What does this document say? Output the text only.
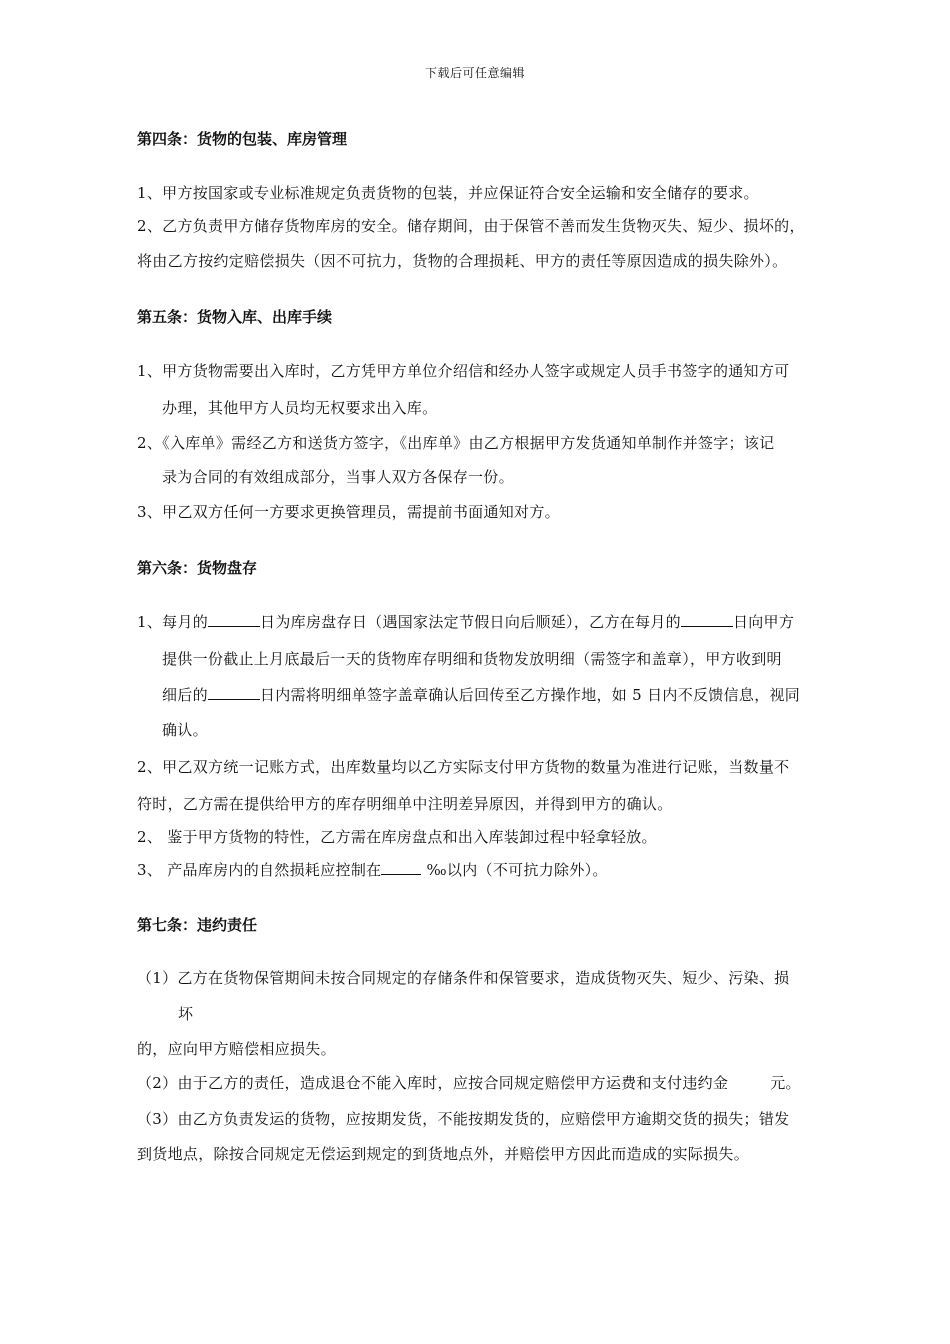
下载后可任意编辑
第四条：货物的包装、库房管理
1、甲方按国家或专业标准规定负责货物的包装，并应保证符合安全运输和安全储存的要求。
2、乙方负责甲方储存货物库房的安全。储存期间，由于保管不善而发生货物灭失、短少、损坏的，
将由乙方按约定赔偿损失（因不可抗力，货物的合理损耗、甲方的责任等原因造成的损失除外）。
第五条：货物入库、出库手续
1、甲方货物需要出入库时，乙方凭甲方单位介绍信和经办人签字或规定人员手书签字的通知方可
办理，其他甲方人员均无权要求出入库。
2、《入库单》需经乙方和送货方签字，《出库单》由乙方根据甲方发货通知单制作并签字；该记
录为合同的有效组成部分，当事人双方各保存一份。
3、甲乙双方任何一方要求更换管理员，需提前书面通知对方。
第六条：货物盘存
1、每月的	日为库房盘存日（遇国家法定节假日向后顺延），乙方在每月的	日向甲方
提供一份截止上月底最后一天的货物库存明细和货物发放明细（需签字和盖章），甲方收到明
细后的	日内需将明细单签字盖章确认后回传至乙方操作地，如 5 日内不反馈信息，视同
确认。
2、甲乙双方统一记账方式，出库数量均以乙方实际支付甲方货物的数量为准进行记账，当数量不
符时，乙方需在提供给甲方的库存明细单中注明差异原因，并得到甲方的确认。
2、 鉴于甲方货物的特性，乙方需在库房盘点和出入库装卸过程中轻拿轻放。
3、 产品库房内的自然损耗应控制在	‰以内（不可抗力除外）。
第七条：违约责任
（1）乙方在货物保管期间未按合同规定的存储条件和保管要求，造成货物灭失、短少、污染、损
坏
的，应向甲方赔偿相应损失。
（2）由于乙方的责任，造成退仓不能入库时，应按合同规定赔偿甲方运费和支付违约金	元。
（3）由乙方负责发运的货物，应按期发货，不能按期发货的，应赔偿甲方逾期交货的损失；错发
到货地点，除按合同规定无偿运到规定的到货地点外，并赔偿甲方因此而造成的实际损失。
